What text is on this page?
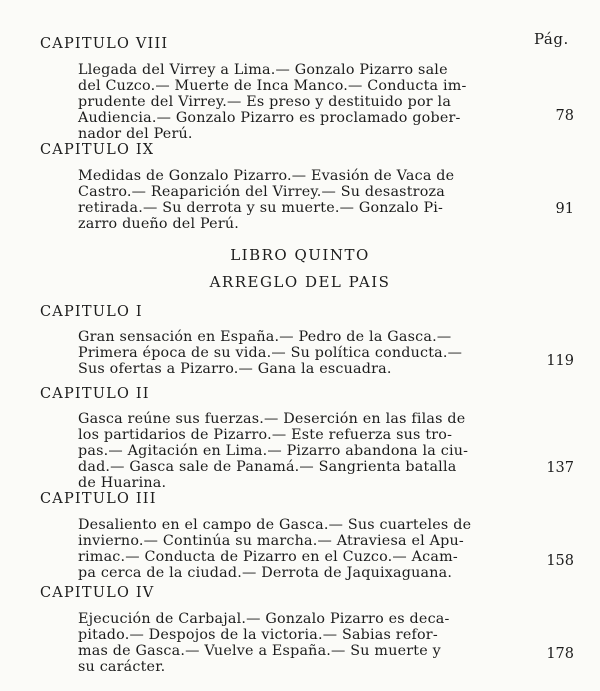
Pág.
CAPITULO VIII
Llegada del Virrey a Lima.— Gonzalo Pizarro sale
del Cuzco.— Muerte de Inca Manco.— Conducta im-
prudente del Virrey.— Es preso y destituido por la
Audiencia.— Gonzalo Pizarro es proclamado gober-
nador del Perú.
78
CAPITULO IX
Medidas de Gonzalo Pizarro.— Evasión de Vaca de
Castro.— Reaparición del Virrey.— Su desastroza
retirada.— Su derrota y su muerte.— Gonzalo Pi-
zarro dueño del Perú.
91
LIBRO QUINTO
ARREGLO DEL PAIS
CAPITULO I
Gran sensación en España.— Pedro de la Gasca.—
Primera época de su vida.— Su política conducta.—
Sus ofertas a Pizarro.— Gana la escuadra.	119
CAPITULO II
Gasca reúne sus fuerzas.— Deserción en las filas de
los partidarios de Pizarro.— Este refuerza sus tro-
pas.— Agitación en Lima.— Pizarro abandona la ciu-
dad.— Gasca sale de Panamá.— Sangrienta batalla
de Huarina.
137
CAPITULO III
Desaliento en el campo de Gasca.— Sus cuarteles de
invierno.— Continúa su marcha.— Atraviesa el Apu-
rimac.— Conducta de Pizarro en el Cuzco.— Acam-
pa cerca de la ciudad.— Derrota de Jaquixaguana.
158
CAPITULO IV
Ejecución de Carbajal.— Gonzalo Pizarro es deca-
pitado.— Despojos de la victoria.— Sabias refor-
mas de Gasca.— Vuelve a España.— Su muerte y
su carácter.
178
